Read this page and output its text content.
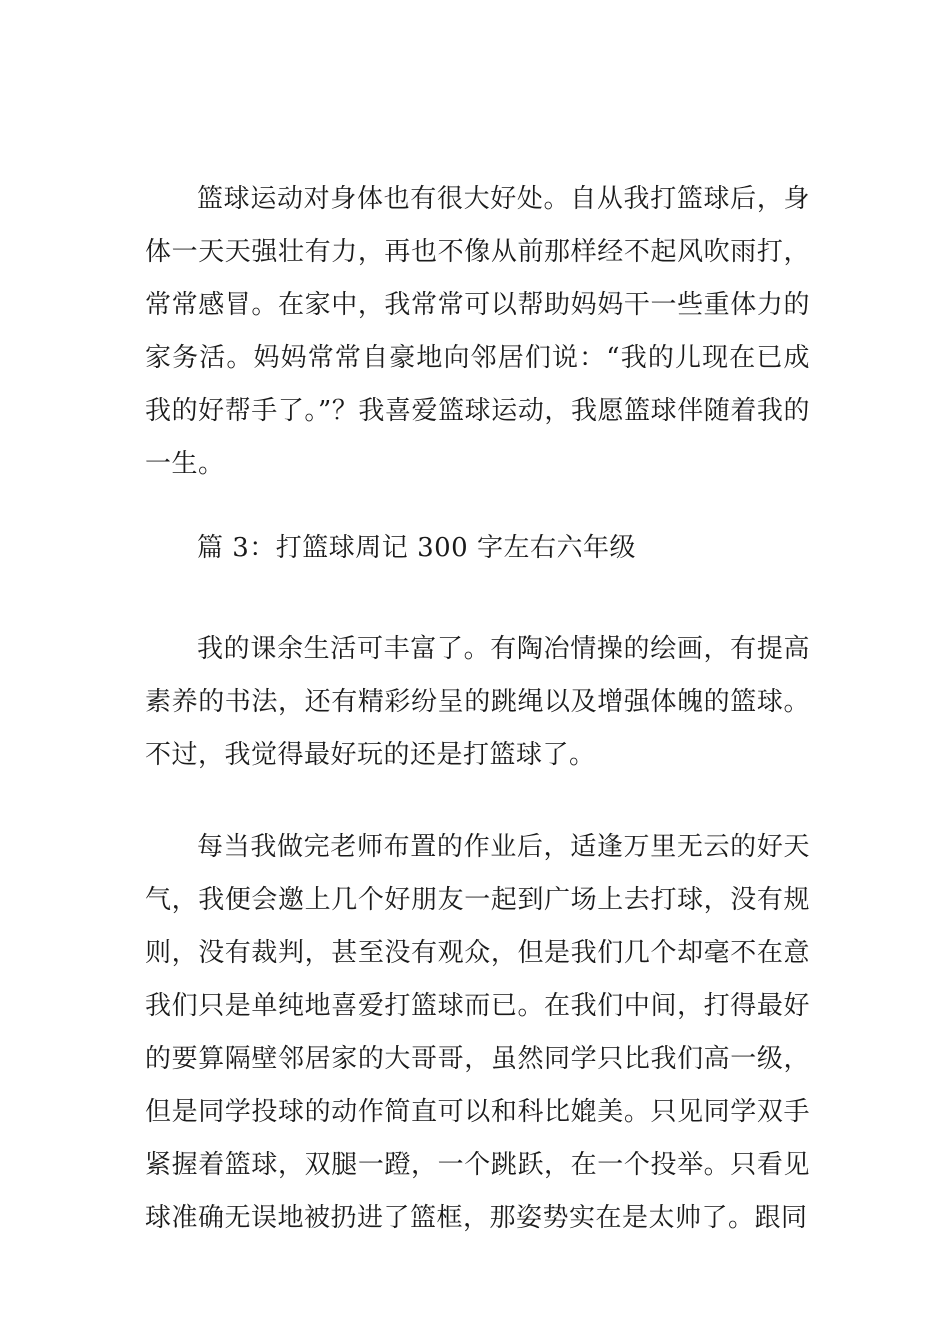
篮球运动对身体也有很大好处。自从我打篮球后，身体一天天强壮有力，再也不像从前那样经不起风吹雨打，常常感冒。在家中，我常常可以帮助妈妈干一些重体力的家务活。妈妈常常自豪地向邻居们说：“我的儿现在已成我的好帮手了。”？我喜爱篮球运动，我愿篮球伴随着我的一生。

篇 3：打篮球周记 300 字左右六年级

我的课余生活可丰富了。有陶冶情操的绘画，有提高素养的书法，还有精彩纷呈的跳绳以及增强体魄的篮球。不过，我觉得最好玩的还是打篮球了。

每当我做完老师布置的作业后，适逢万里无云的好天气，我便会邀上几个好朋友一起到广场上去打球，没有规则，没有裁判，甚至没有观众，但是我们几个却毫不在意我们只是单纯地喜爱打篮球而已。在我们中间，打得最好的要算隔壁邻居家的大哥哥，虽然同学只比我们高一级，但是同学投球的动作简直可以和科比媲美。只见同学双手紧握着篮球，双腿一蹬，一个跳跃，在一个投举。只看见球准确无误地被扔进了篮框，那姿势实在是太帅了。跟同
